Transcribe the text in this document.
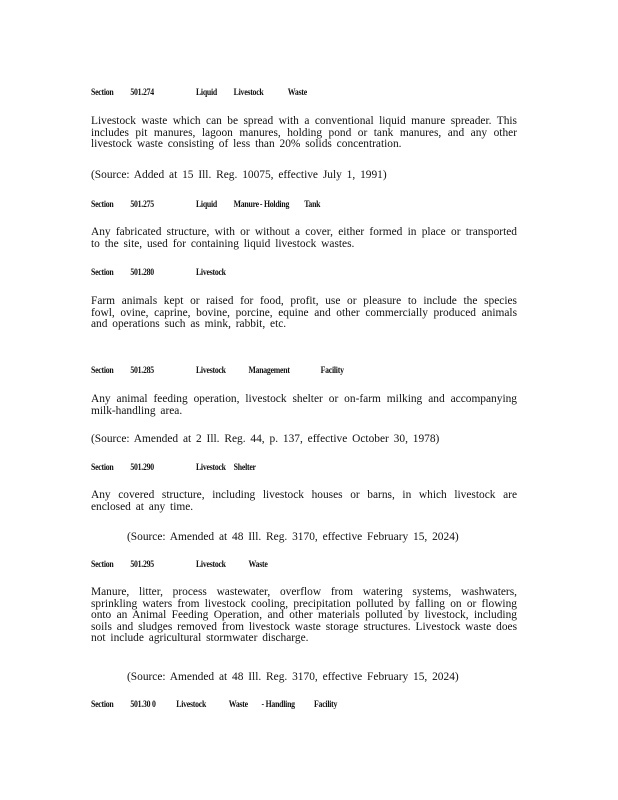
Section	501.274	Liquid	Livestock	Waste
Livestock waste which can be spread with a conventional liquid manure spreader. This includes pit manures, lagoon manures, holding pond or tank manures, and any other livestock waste consisting of less than 20% solids concentration.
(Source: Added at 15 Ill. Reg. 10075, effective July 1, 1991)
Section	501.275	Liquid	Manure - Holding	Tank
Any fabricated structure, with or without a cover, either formed in place or transported to the site, used for containing liquid livestock wastes.
Section	501.280	Livestock
Farm animals kept or raised for food, profit, use or pleasure to include the species fowl, ovine, caprine, bovine, porcine, equine and other commercially produced animals and operations such as mink, rabbit, etc.
Section	501.285	Livestock	Management	Facility
Any animal feeding operation, livestock shelter or on-farm milking and accompanying milk-handling area.
(Source: Amended at 2 Ill. Reg. 44, p. 137, effective October 30, 1978)
Section	501.290	Livestock Shelter
Any covered structure, including livestock houses or barns, in which livestock are enclosed at any time.
(Source: Amended at 48 Ill. Reg. 3170, effective February 15, 2024)
Section	501.295	Livestock	Waste
Manure, litter, process wastewater, overflow from watering systems, washwaters, sprinkling waters from livestock cooling, precipitation polluted by falling on or flowing onto an Animal Feeding Operation, and other materials polluted by livestock, including soils and sludges removed from livestock waste storage structures. Livestock waste does not include agricultural stormwater discharge.
(Source: Amended at 48 Ill. Reg. 3170, effective February 15, 2024)
Section	501.30 0	Livestock	Waste	- Handling	Facility
